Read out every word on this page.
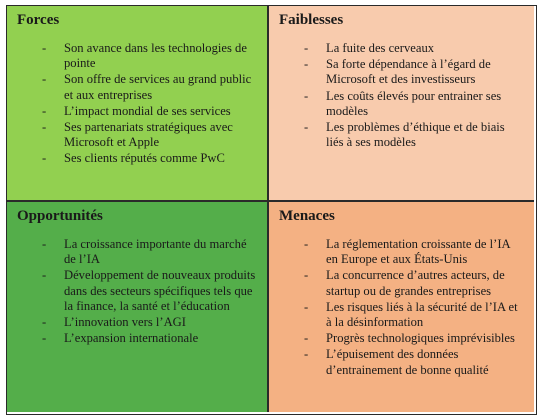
Forces
- Son avance dans les technologies de pointe
- Son offre de services au grand public et aux entreprises
- L’impact mondial de ses services
- Ses partenariats stratégiques avec Microsoft et Apple
- Ses clients réputés comme PwC
Faiblesses
- La fuite des cerveaux
- Sa forte dépendance à l’égard de Microsoft et des investisseurs
- Les coûts élevés pour entrainer ses modèles
- Les problèmes d’éthique et de biais liés à ses modèles
Opportunités
- La croissance importante du marché de l’IA
- Développement de nouveaux produits dans des secteurs spécifiques tels que la finance, la santé et l’éducation
- L’innovation vers l’AGI
- L’expansion internationale
Menaces
- La réglementation croissante de l’IA en Europe et aux États-Unis
- La concurrence d’autres acteurs, de startup ou de grandes entreprises
- Les risques liés à la sécurité de l’IA et à la désinformation
- Progrès technologiques imprévisibles
- L’épuisement des données d’entrainement de bonne qualité
